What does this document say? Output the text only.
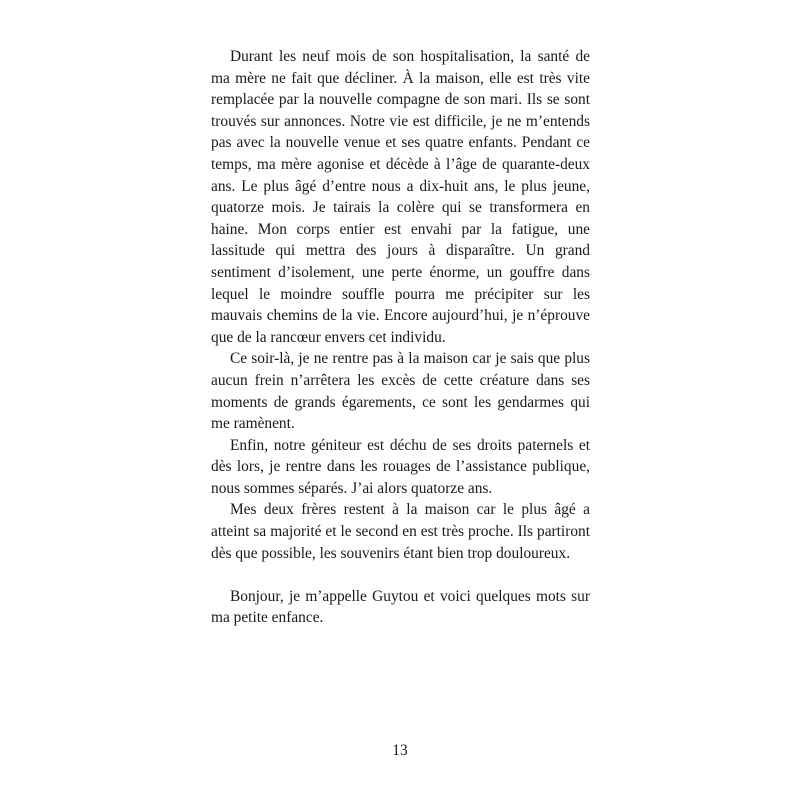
Durant les neuf mois de son hospitalisation, la santé de ma mère ne fait que décliner. À la maison, elle est très vite remplacée par la nouvelle compagne de son mari. Ils se sont trouvés sur annonces. Notre vie est difficile, je ne m’entends pas avec la nouvelle venue et ses quatre enfants. Pendant ce temps, ma mère agonise et décède à l’âge de quarante-deux ans. Le plus âgé d’entre nous a dix-huit ans, le plus jeune, quatorze mois. Je tairais la colère qui se transformera en haine. Mon corps entier est envahi par la fatigue, une lassitude qui mettra des jours à disparaître. Un grand sentiment d’isolement, une perte énorme, un gouffre dans lequel le moindre souffle pourra me précipiter sur les mauvais chemins de la vie. Encore aujourd’hui, je n’éprouve que de la rancœur envers cet individu.

Ce soir-là, je ne rentre pas à la maison car je sais que plus aucun frein n’arrêtera les excès de cette créature dans ses moments de grands égarements, ce sont les gendarmes qui me ramènent.

Enfin, notre géniteur est déchu de ses droits paternels et dès lors, je rentre dans les rouages de l’assistance publique, nous sommes séparés. J’ai alors quatorze ans.

Mes deux frères restent à la maison car le plus âgé a atteint sa majorité et le second en est très proche. Ils partiront dès que possible, les souvenirs étant bien trop douloureux.

Bonjour, je m’appelle Guytou et voici quelques mots sur ma petite enfance.

13
